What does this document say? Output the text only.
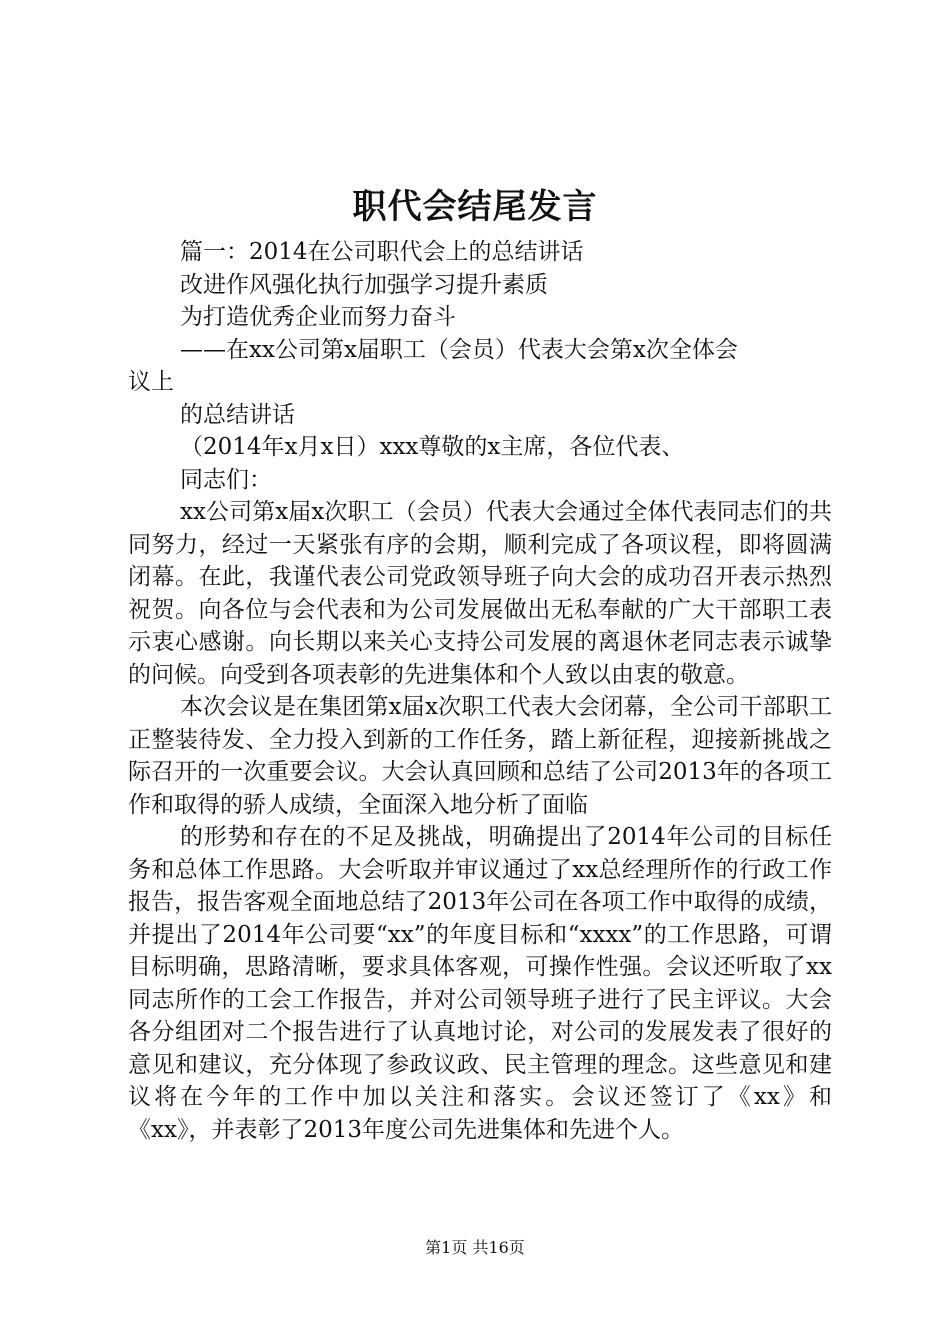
职代会结尾发言
篇一：2014在公司职代会上的总结讲话
改进作风强化执行加强学习提升素质
为打造优秀企业而努力奋斗
——在xx公司第x届职工（会员）代表大会第x次全体会
议上
的总结讲话
（2014年x月x日）xxx尊敬的x主席，各位代表、
同志们：
xx公司第x届x次职工（会员）代表大会通过全体代表同志们的共同努力，经过一天紧张有序的会期，顺利完成了各项议程，即将圆满闭幕。在此，我谨代表公司党政领导班子向大会的成功召开表示热烈祝贺。向各位与会代表和为公司发展做出无私奉献的广大干部职工表示衷心感谢。向长期以来关心支持公司发展的离退休老同志表示诚挚的问候。向受到各项表彰的先进集体和个人致以由衷的敬意。
本次会议是在集团第x届x次职工代表大会闭幕，全公司干部职工正整装待发、全力投入到新的工作任务，踏上新征程，迎接新挑战之际召开的一次重要会议。大会认真回顾和总结了公司2013年的各项工作和取得的骄人成绩，全面深入地分析了面临
的形势和存在的不足及挑战，明确提出了2014年公司的目标任务和总体工作思路。大会听取并审议通过了xx总经理所作的行政工作报告，报告客观全面地总结了2013年公司在各项工作中取得的成绩，并提出了2014年公司要“xx”的年度目标和“xxxx”的工作思路，可谓目标明确，思路清晰，要求具体客观，可操作性强。会议还听取了xx同志所作的工会工作报告，并对公司领导班子进行了民主评议。大会各分组团对二个报告进行了认真地讨论，对公司的发展发表了很好的意见和建议，充分体现了参政议政、民主管理的理念。这些意见和建议将在今年的工作中加以关注和落实。会议还签订了《xx》和《xx》，并表彰了2013年度公司先进集体和先进个人。
第1页 共16页
